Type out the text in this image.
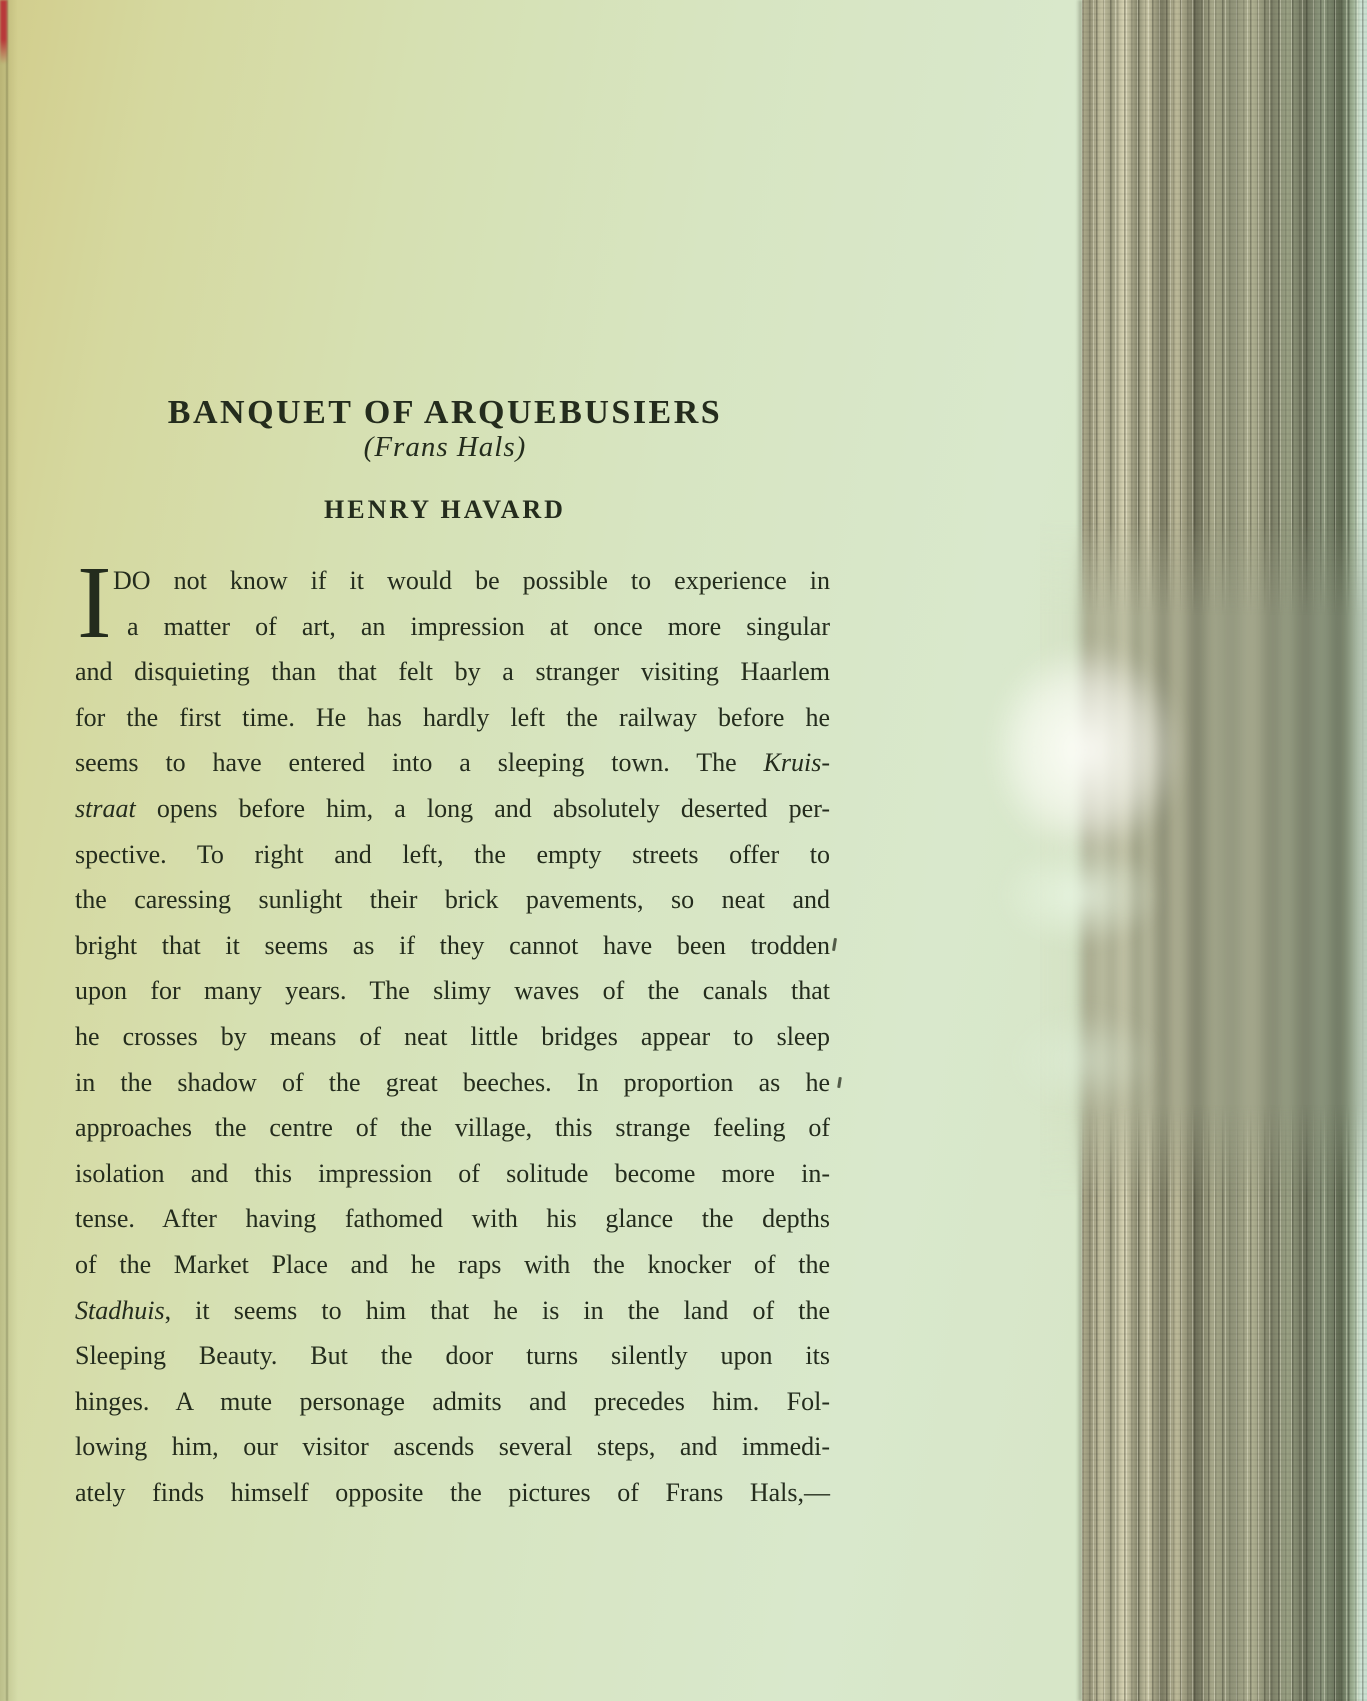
BANQUET OF ARQUEBUSIERS
(Frans Hals)
HENRY HAVARD
I DO not know if it would be possible to experience in
a matter of art, an impression at once more singular
and disquieting than that felt by a stranger visiting Haarlem
for the first time. He has hardly left the railway before he
seems to have entered into a sleeping town. The Kruis-
straat opens before him, a long and absolutely deserted per-
spective. To right and left, the empty streets offer to
the caressing sunlight their brick pavements, so neat and
bright that it seems as if they cannot have been trodden
upon for many years. The slimy waves of the canals that
he crosses by means of neat little bridges appear to sleep
in the shadow of the great beeches. In proportion as he
approaches the centre of the village, this strange feeling of
isolation and this impression of solitude become more in-
tense. After having fathomed with his glance the depths
of the Market Place and he raps with the knocker of the
Stadhuis, it seems to him that he is in the land of the
Sleeping Beauty. But the door turns silently upon its
hinges. A mute personage admits and precedes him. Fol-
lowing him, our visitor ascends several steps, and immedi-
ately finds himself opposite the pictures of Frans Hals,—
